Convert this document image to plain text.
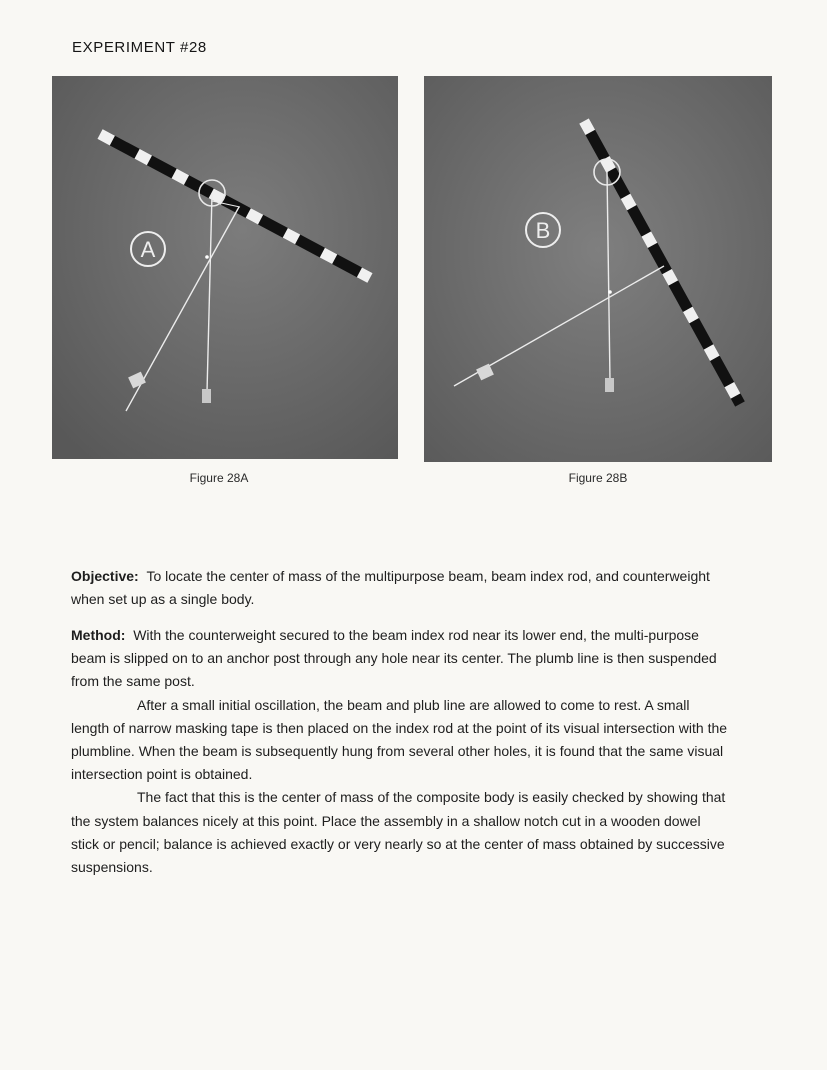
EXPERIMENT #28
A
B
Figure 28A	Figure 28B

Objective: To locate the center of mass of the multipurpose beam, beam index rod, and counterweight when set up as a single body.

Method: With the counterweight secured to the beam index rod near its lower end, the multi-purpose beam is slipped on to an anchor post through any hole near its center. The plumb line is then suspended from the same post.

After a small initial oscillation, the beam and plub line are allowed to come to rest. A small length of narrow masking tape is then placed on the index rod at the point of its visual intersection with the plumbline. When the beam is subsequently hung from several other holes, it is found that the same visual intersection point is obtained.

The fact that this is the center of mass of the composite body is easily checked by showing that the system balances nicely at this point. Place the assembly in a shallow notch cut in a wooden dowel stick or pencil; balance is achieved exactly or very nearly so at the center of mass obtained by successive suspensions.
